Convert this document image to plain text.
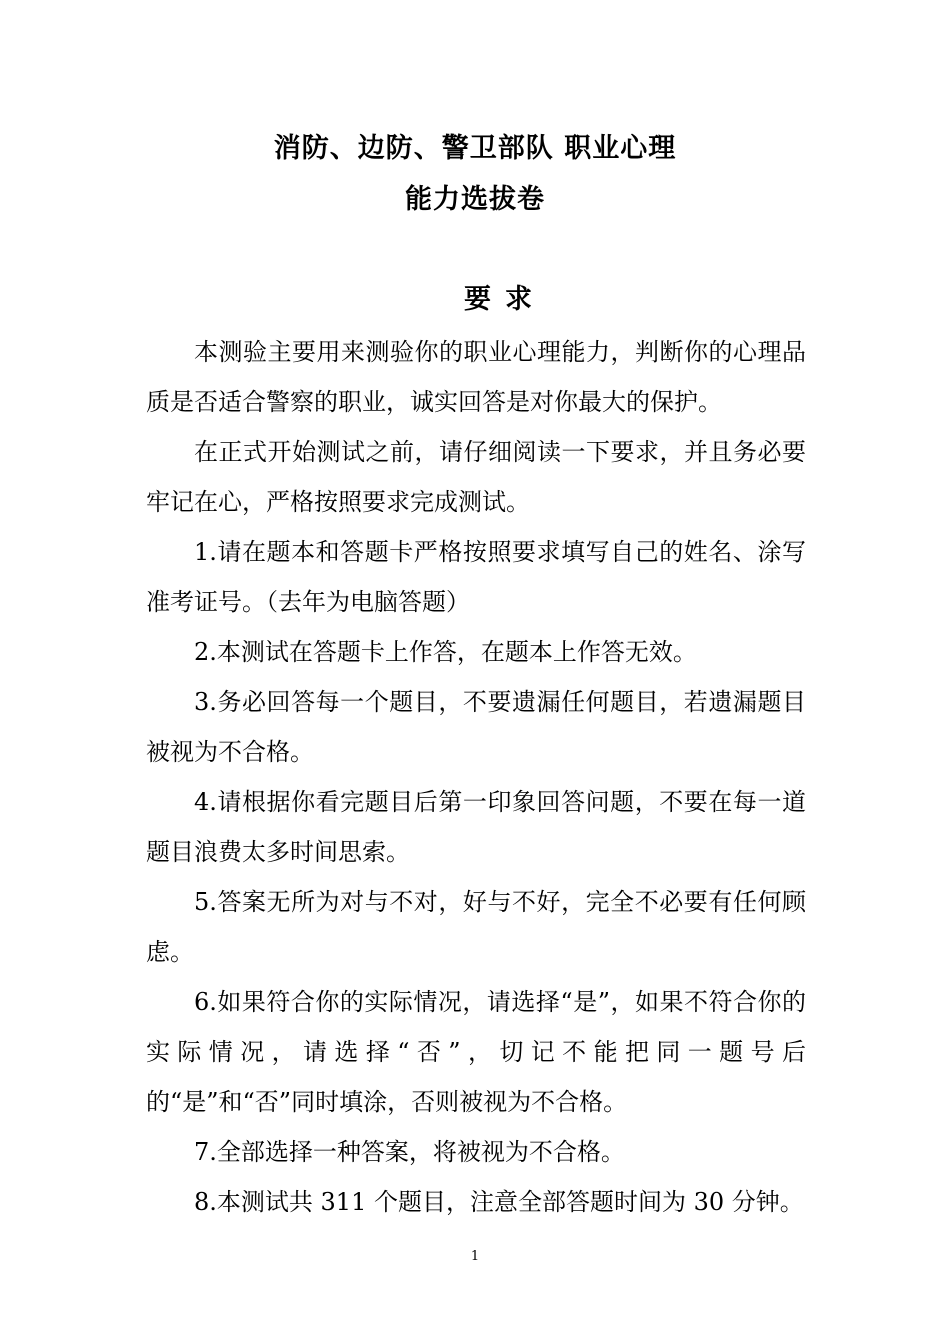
消防、边防、警卫部队 职业心理
能力选拔卷
要求

本测验主要用来测验你的职业心理能力，判断你的心理品质是否适合警察的职业，诚实回答是对你最大的保护。

在正式开始测试之前，请仔细阅读一下要求，并且务必要牢记在心，严格按照要求完成测试。

1.请在题本和答题卡严格按照要求填写自己的姓名、涂写准考证号。（去年为电脑答题）

2.本测试在答题卡上作答，在题本上作答无效。

3.务必回答每一个题目，不要遗漏任何题目，若遗漏题目被视为不合格。

4.请根据你看完题目后第一印象回答问题，不要在每一道题目浪费太多时间思索。

5.答案无所为对与不对，好与不好，完全不必要有任何顾虑。

6.如果符合你的实际情况，请选择“是”，如果不符合你的实际情况，请选择“否”，切记不能把同一题号后的“是”和“否”同时填涂，否则被视为不合格。

7.全部选择一种答案，将被视为不合格。

8.本测试共 311 个题目，注意全部答题时间为 30 分钟。

1
